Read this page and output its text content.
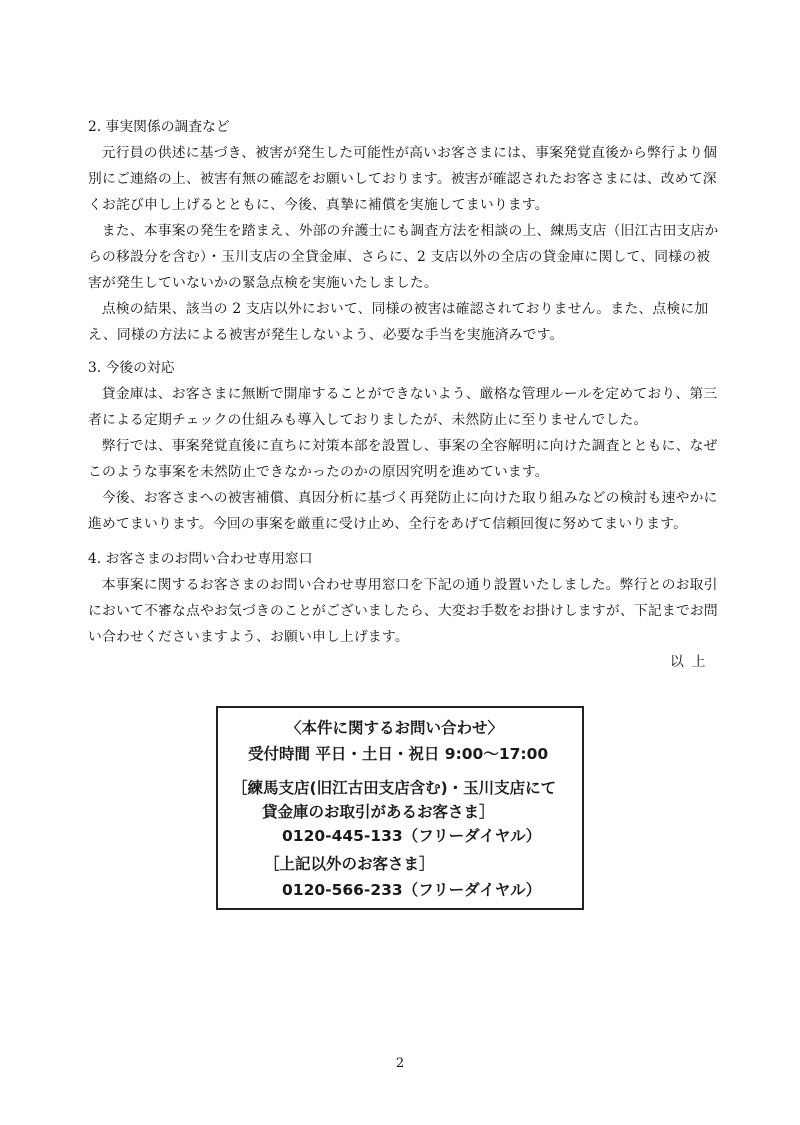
2. 事実関係の調査など

元行員の供述に基づき、被害が発生した可能性が高いお客さまには、事案発覚直後から弊行より個別にご連絡の上、被害有無の確認をお願いしております。被害が確認されたお客さまには、改めて深くお詫び申し上げるとともに、今後、真摯に補償を実施してまいります。

また、本事案の発生を踏まえ、外部の弁護士にも調査方法を相談の上、練馬支店（旧江古田支店からの移設分を含む）・玉川支店の全貸金庫、さらに、2 支店以外の全店の貸金庫に関して、同様の被害が発生していないかの緊急点検を実施いたしました。

点検の結果、該当の 2 支店以外において、同様の被害は確認されておりません。また、点検に加え、同様の方法による被害が発生しないよう、必要な手当を実施済みです。

3. 今後の対応

貸金庫は、お客さまに無断で開扉することができないよう、厳格な管理ルールを定めており、第三者による定期チェックの仕組みも導入しておりましたが、未然防止に至りませんでした。

弊行では、事案発覚直後に直ちに対策本部を設置し、事案の全容解明に向けた調査とともに、なぜこのような事案を未然防止できなかったのかの原因究明を進めています。

今後、お客さまへの被害補償、真因分析に基づく再発防止に向けた取り組みなどの検討も速やかに進めてまいります。今回の事案を厳重に受け止め、全行をあげて信頼回復に努めてまいります。

4. お客さまのお問い合わせ専用窓口

本事案に関するお客さまのお問い合わせ専用窓口を下記の通り設置いたしました。弊行とのお取引において不審な点やお気づきのことがございましたら、大変お手数をお掛けしますが、下記までお問い合わせくださいますよう、お願い申し上げます。

以上
〈本件に関するお問い合わせ〉
受付時間 平日・土日・祝日 9:00～17:00
［練馬支店(旧江古田支店含む)・玉川支店にて
貸金庫のお取引があるお客さま］
0120-445-133（フリーダイヤル）
［上記以外のお客さま］
0120-566-233（フリーダイヤル）
2
